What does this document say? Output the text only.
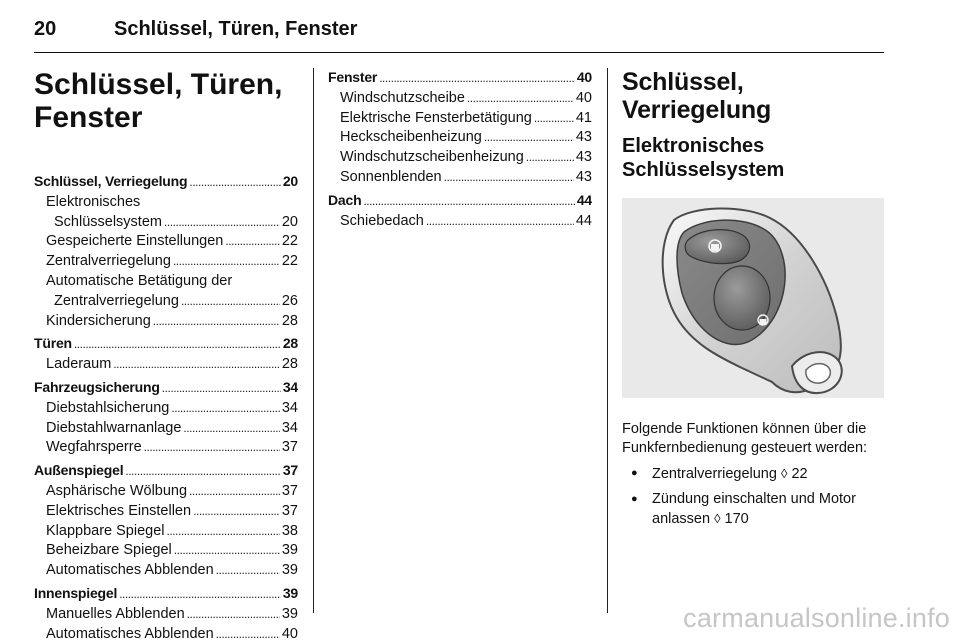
20	Schlüssel, Türen, Fenster
Schlüssel, Türen,
Fenster
Schlüssel, Verriegelung . . .	20
Elektronisches
Schlüsselsystem . . .	20
Gespeicherte Einstellungen . . .	22
Zentralverriegelung . . .	22
Automatische Betätigung der
Zentralverriegelung . . .	26
Kindersicherung . . .	28
Türen . . .	28
Laderaum . . .	28
Fahrzeugsicherung . . .	34
Diebstahlsicherung . . .	34
Diebstahlwarnanlage . . .	34
Wegfahrsperre . . .	37
Außenspiegel . . .	37
Asphärische Wölbung . . .	37
Elektrisches Einstellen . . .	37
Klappbare Spiegel . . .	38
Beheizbare Spiegel . . .	39
Automatisches Abblenden . . .	39
Innenspiegel . . .	39
Manuelles Abblenden . . .	39
Automatisches Abblenden . . .	40
Fenster . . .	40
Windschutzscheibe . . .	40
Elektrische Fensterbetätigung . . .	41
Heckscheibenheizung . . .	43
Windschutzscheibenheizung . . .	43
Sonnenblenden . . .	43
Dach . . .	44
Schiebedach . . .	44
Schlüssel, Verriegelung
Elektronisches
Schlüsselsystem

Folgende Funktionen können über die Funkfernbedienung gesteuert werden:

● Zentralverriegelung ◊ 22
● Zündung einschalten und Motor anlassen ◊ 170
carmanualsonline.info
